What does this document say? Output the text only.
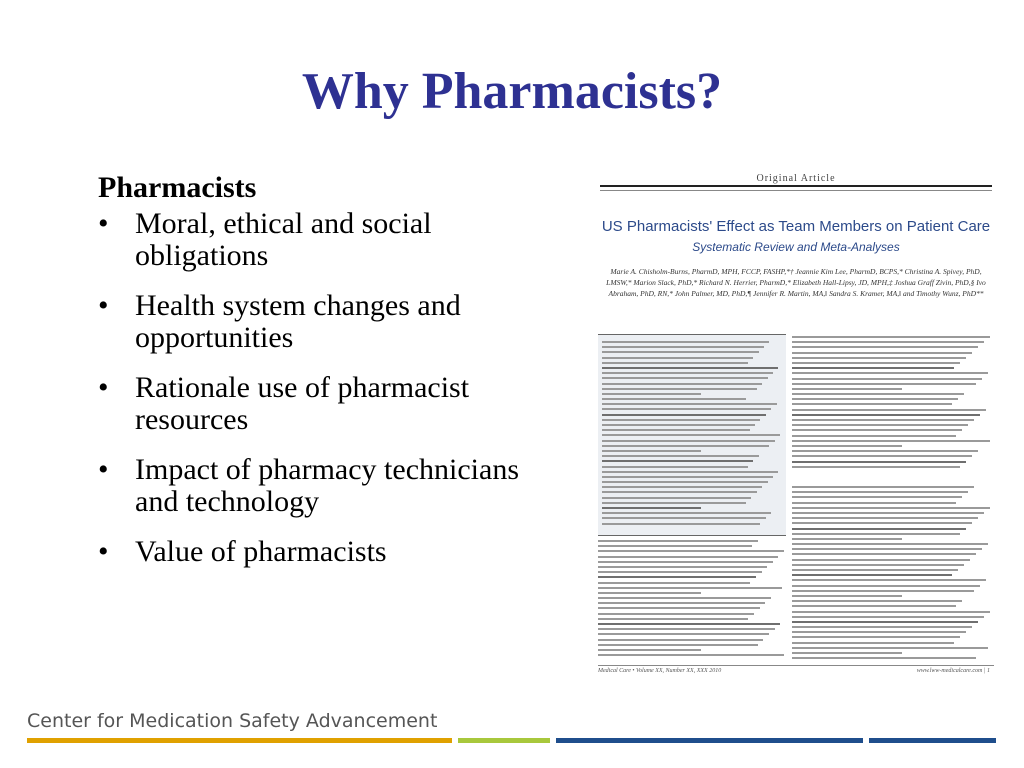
Why Pharmacists?
Pharmacists
• Moral, ethical and social obligations
• Health system changes and opportunities
• Rationale use of pharmacist resources
• Impact of pharmacy technicians and technology
• Value of pharmacists
Original Article
US Pharmacists' Effect as Team Members on Patient Care
Systematic Review and Meta-Analyses
Marie A. Chisholm-Burns, PharmD, MPH, FCCP, FASHP,*† Jeannie Kim Lee, PharmD, BCPS,* Christina A. Spivey, PhD, LMSW,* Marion Slack, PhD,* Richard N. Herrier, PharmD,* Elizabeth Hall-Lipsy, JD, MPH,‡ Joshua Graff Zivin, PhD,§ Ivo Abraham, PhD, RN,* John Palmer, MD, PhD,¶ Jennifer R. Martin, MA,‖ Sandra S. Kramer, MA,‖ and Timothy Wunz, PhD**
Medical Care • Volume XX, Number XX, XXX 2010	www.lww-medicalcare.com | 1
Center for Medication Safety Advancement
